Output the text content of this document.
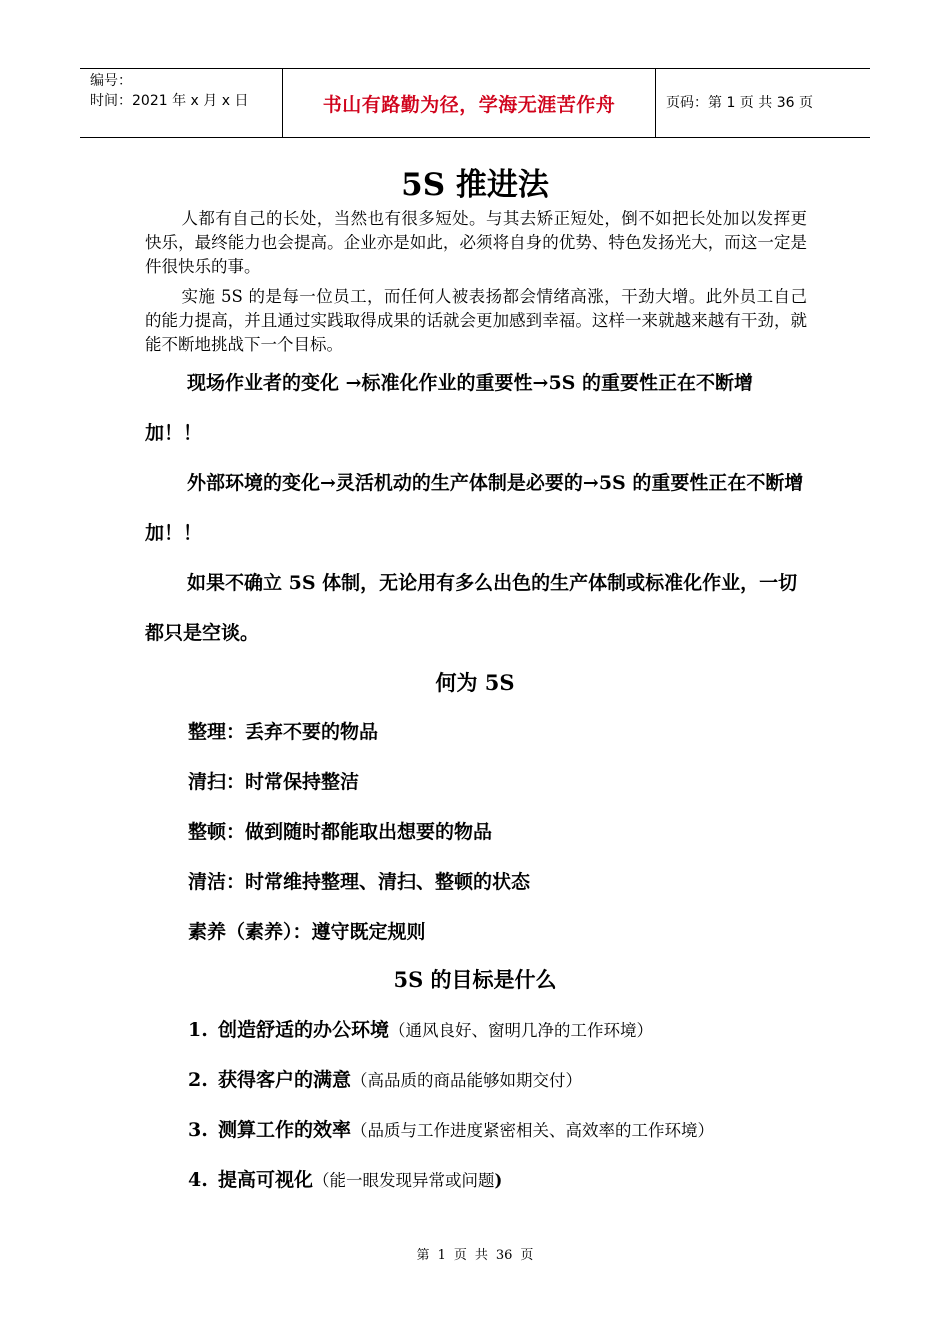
编号：
时间：2021 年 x 月 x 日	书山有路勤为径，学海无涯苦作舟	页码：第 1 页 共 36 页
5S 推进法
人都有自己的长处，当然也有很多短处。与其去矫正短处，倒不如把长处加以发挥更快乐，最终能力也会提高。企业亦是如此，必须将自身的优势、特色发扬光大，而这一定是件很快乐的事。
实施 5S 的是每一位员工，而任何人被表扬都会情绪高涨，干劲大增。此外员工自己的能力提高，并且通过实践取得成果的话就会更加感到幸福。这样一来就越来越有干劲，就能不断地挑战下一个目标。
现场作业者的变化 →标准化作业的重要性→5S 的重要性正在不断增加！！
外部环境的变化→灵活机动的生产体制是必要的→5S 的重要性正在不断增加！！
如果不确立 5S 体制，无论用有多么出色的生产体制或标准化作业，一切都只是空谈。
何为 5S
整理：丢弃不要的物品
清扫：时常保持整洁
整顿：做到随时都能取出想要的物品
清洁：时常维持整理、清扫、整顿的状态
素养（素养）：遵守既定规则
5S 的目标是什么
1. 创造舒适的办公环境（通风良好、窗明几净的工作环境）
2. 获得客户的满意（高品质的商品能够如期交付）
3. 测算工作的效率（品质与工作进度紧密相关、高效率的工作环境）
4. 提高可视化（能一眼发现异常或问题)
第 1 页 共 36 页
